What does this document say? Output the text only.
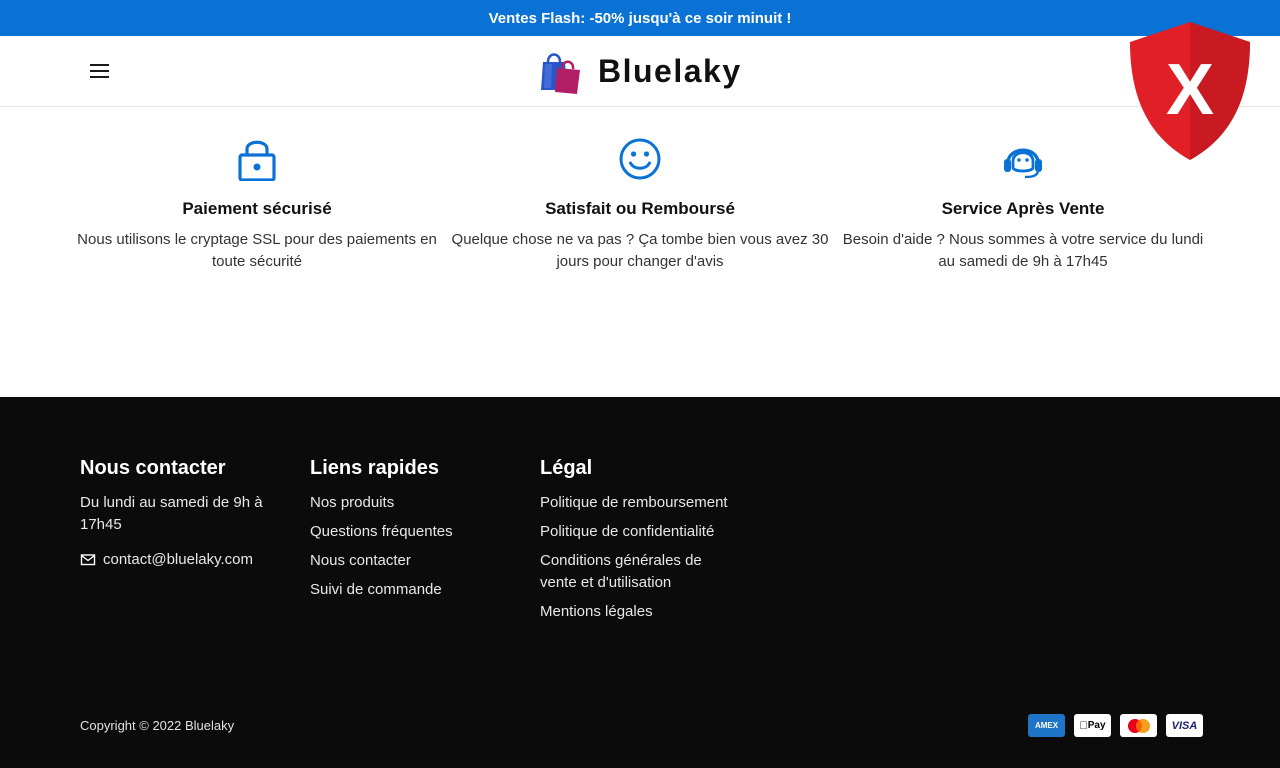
Ventes Flash: -50% jusqu'à ce soir minuit !
Bluelaky	X
Paiement sécurisé

Nous utilisons le cryptage SSL pour des paiements en toute sécurité

Satisfait ou Remboursé

Quelque chose ne va pas ? Ça tombe bien vous avez 30 jours pour changer d'avis

Service Après Vente

Besoin d'aide ? Nous sommes à votre service du lundi au samedi de 9h à 17h45

Nous contacter
Du lundi au samedi de 9h à 17h45
contact@bluelaky.com
Liens rapides
Nos produits
Questions fréquentes
Nous contacter
Suivi de commande
Légal
Politique de remboursement
Politique de confidentialité
Conditions générales de vente et d'utilisation
Mentions légales
Copyright © 2022 Bluelaky	AMEX	Pay	VISA
